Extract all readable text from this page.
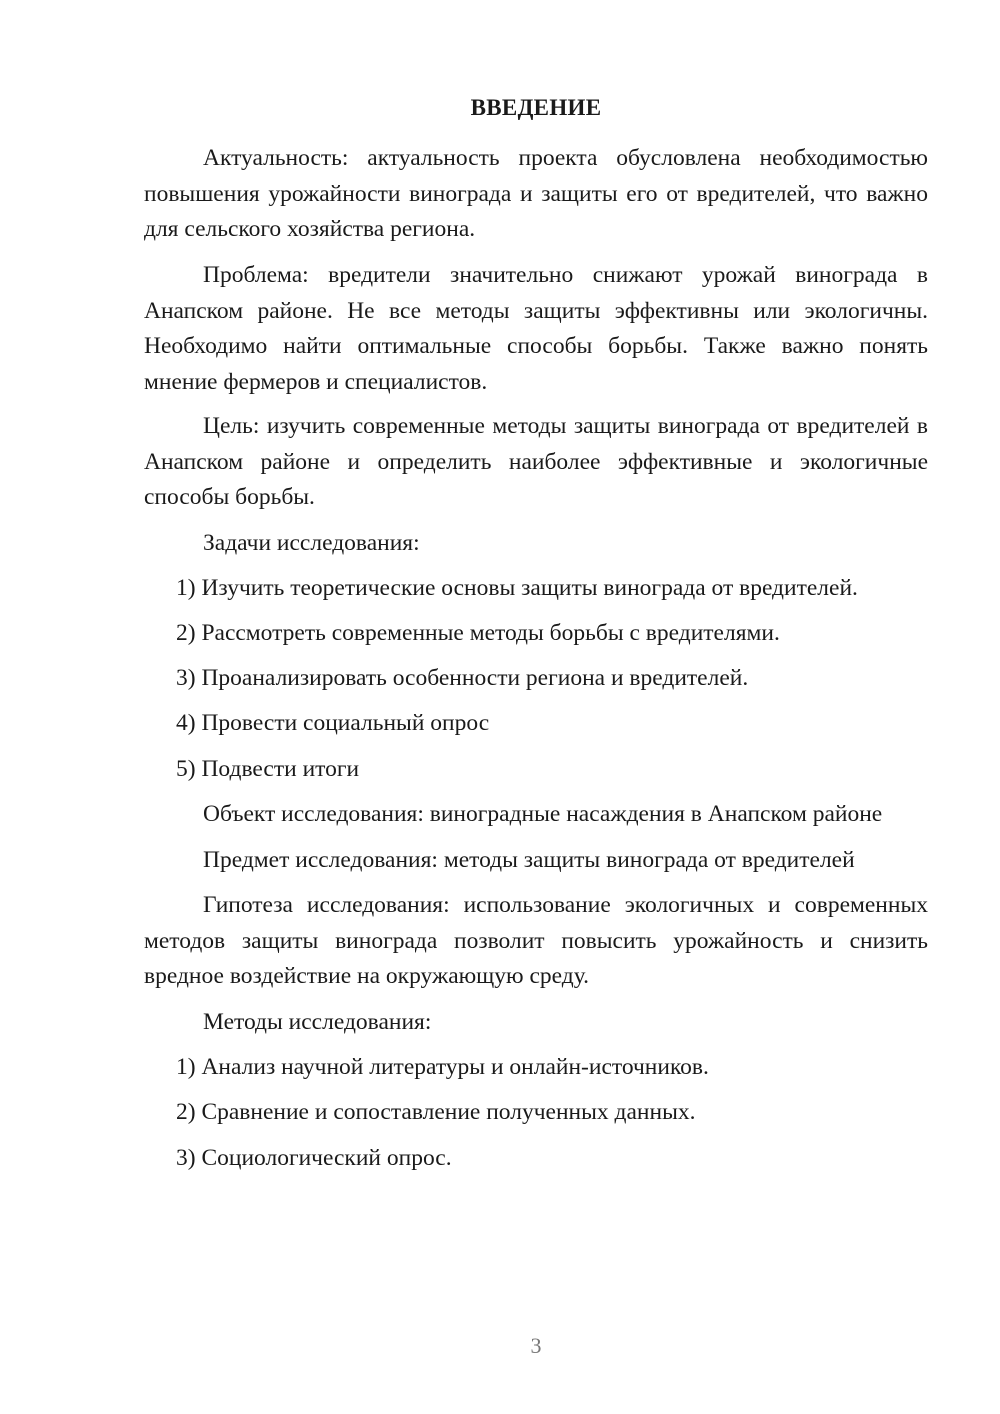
ВВЕДЕНИЕ

Актуальность: актуальность проекта обусловлена необходимостью повышения урожайности винограда и защиты его от вредителей, что важно для сельского хозяйства региона.

Проблема: вредители значительно снижают урожай винограда в Анапском районе. Не все методы защиты эффективны или экологичны. Необходимо найти оптимальные способы борьбы. Также важно понять мнение фермеров и специалистов.

Цель: изучить современные методы защиты винограда от вредителей в Анапском районе и определить наиболее эффективные и экологичные способы борьбы.

Задачи исследования:

1) Изучить теоретические основы защиты винограда от вредителей.

2) Рассмотреть современные методы борьбы с вредителями.

3) Проанализировать особенности региона и вредителей.

4) Провести социальный опрос

5) Подвести итоги

Объект исследования: виноградные насаждения в Анапском районе

Предмет исследования: методы защиты винограда от вредителей

Гипотеза исследования: использование экологичных и современных методов защиты винограда позволит повысить урожайность и снизить вредное воздействие на окружающую среду.

Методы исследования:

1) Анализ научной литературы и онлайн-источников.

2) Сравнение и сопоставление полученных данных.

3) Социологический опрос.

3
